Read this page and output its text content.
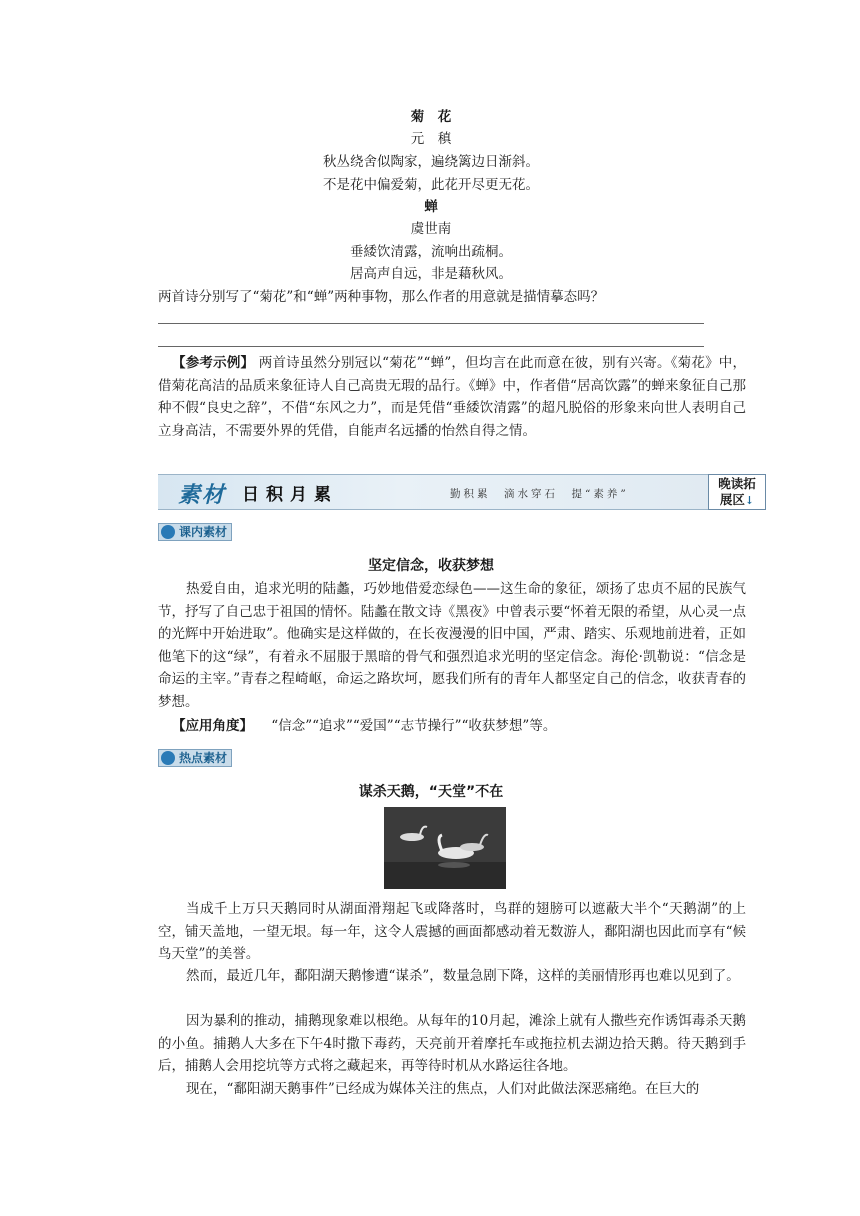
菊　花
元　稹
秋丛绕舍似陶家，遍绕篱边日渐斜。
不是花中偏爱菊，此花开尽更无花。
蝉
虞世南
垂緌饮清露，流响出疏桐。
居高声自远，非是藉秋风。
两首诗分别写了“菊花”和“蝉”两种事物，那么作者的用意就是描情摹态吗？
【参考示例】 两首诗虽然分别冠以“菊花”“蝉”，但均言在此而意在彼，别有兴寄。《菊花》中，借菊花高洁的品质来象征诗人自己高贵无瑕的品行。《蝉》中，作者借“居高饮露”的蝉来象征自己那种不假“良史之辞”，不借“东风之力”，而是凭借“垂緌饮清露”的超凡脱俗的形象来向世人表明自己立身高洁，不需要外界的凭借，自能声名远播的怡然自得之情。
素材 日积月累	勤积累　滴水穿石　提“素养”
晚读拓
展区↓
课内素材
坚定信念，收获梦想
热爱自由，追求光明的陆蠡，巧妙地借爱恋绿色——这生命的象征，颂扬了忠贞不屈的民族气节，抒写了自己忠于祖国的情怀。陆蠡在散文诗《黑夜》中曾表示要“怀着无限的希望，从心灵一点的光辉中开始进取”。他确实是这样做的，在长夜漫漫的旧中国，严肃、踏实、乐观地前进着，正如他笔下的这“绿”，有着永不屈服于黑暗的骨气和强烈追求光明的坚定信念。海伦·凯勒说：“信念是命运的主宰。”青春之程崎岖，命运之路坎坷，愿我们所有的青年人都坚定自己的信念，收获青春的梦想。
【应用角度】 “信念”“追求”“爱国”“志节操行”“收获梦想”等。
热点素材
谋杀天鹅，“天堂”不在
当成千上万只天鹅同时从湖面滑翔起飞或降落时，鸟群的翅膀可以遮蔽大半个“天鹅湖”的上空，铺天盖地，一望无垠。每一年，这令人震撼的画面都感动着无数游人，鄱阳湖也因此而享有“候鸟天堂”的美誉。
然而，最近几年，鄱阳湖天鹅惨遭“谋杀”，数量急剧下降，这样的美丽情形再也难以见到了。
因为暴利的推动，捕鹅现象难以根绝。从每年的10月起，滩涂上就有人撒些充作诱饵毒杀天鹅的小鱼。捕鹅人大多在下午4时撒下毒药，天亮前开着摩托车或拖拉机去湖边拾天鹅。待天鹅到手后，捕鹅人会用挖坑等方式将之藏起来，再等待时机从水路运往各地。
现在，“鄱阳湖天鹅事件”已经成为媒体关注的焦点，人们对此做法深恶痛绝。在巨大的
